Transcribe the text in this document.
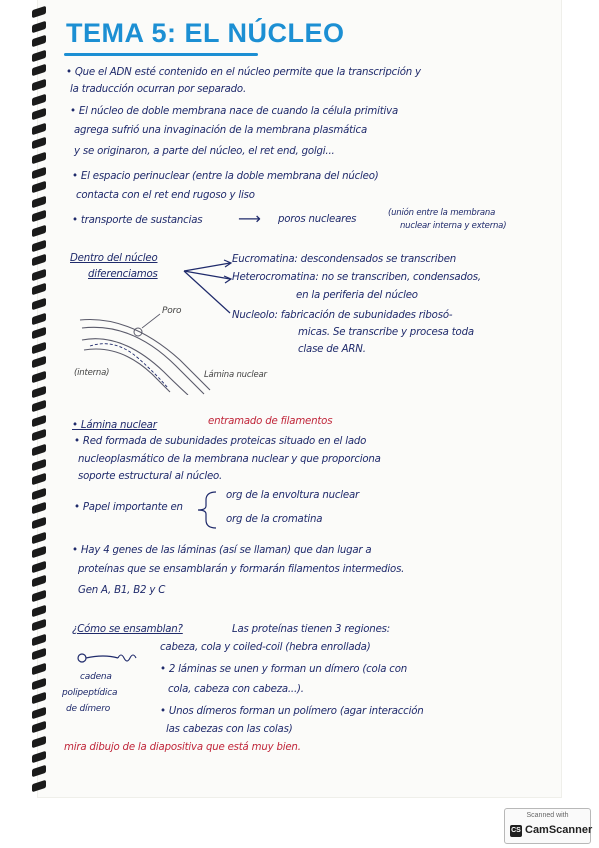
TEMA 5: EL NÚCLEO
• Que el ADN esté contenido en el núcleo permite que la transcripción y
la traducción ocurran por separado.
• El núcleo de doble membrana nace de cuando la célula primitiva
agrega sufrió una invaginación de la membrana plasmática
y se originaron, a parte del núcleo, el ret end, golgi...
• El espacio perinuclear (entre la doble membrana del núcleo)
contacta con el ret end rugoso y liso
• transporte de sustancias ⟶ poros nucleares
(unión entre la membrana
nuclear interna y externa)
Dentro del núcleo
diferenciamos
Eucromatina: descondensados se transcriben
Heterocromatina: no se transcriben, condensados,
en la periferia del núcleo
Nucleolo: fabricación de subunidades ribosó-
micas. Se transcribe y procesa toda
clase de ARN.
Poro
(interna)	Lámina nuclear
• Lámina nuclear	entramado de filamentos
• Red formada de subunidades proteicas situado en el lado
nucleoplasmático de la membrana nuclear y que proporciona
soporte estructural al núcleo.
• Papel importante en
org de la envoltura nuclear
org de la cromatina
• Hay 4 genes de las láminas (así se llaman) que dan lugar a
proteínas que se ensamblarán y formarán filamentos intermedios.
Gen A, B1, B2 y C
¿Cómo se ensamblan?	Las proteínas tienen 3 regiones:
cabeza, cola y coiled-coil (hebra enrollada)
• 2 láminas se unen y forman un dímero (cola con
cola, cabeza con cabeza...).
• Unos dímeros forman un polímero (agar interacción
las cabezas con las colas)
cadena
polipeptídica
de dímero
mira dibujo de la diapositiva que está muy bien.
Scanned with
CS CamScanner
